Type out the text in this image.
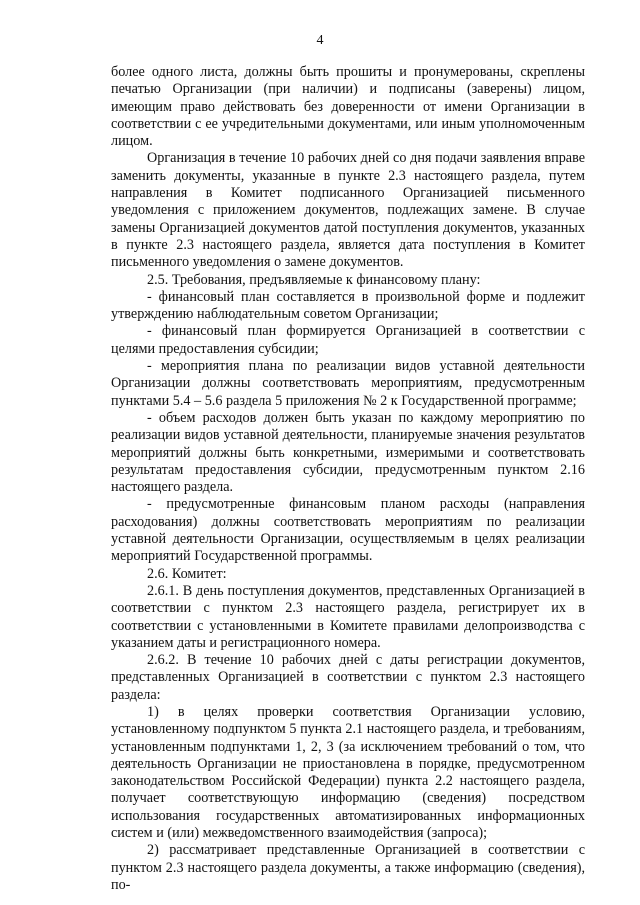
4

более одного листа, должны быть прошиты и пронумерованы, скреплены печатью Организации (при наличии) и подписаны (заверены) лицом, имеющим право действовать без доверенности от имени Организации в соответствии с ее учредительными документами, или иным уполномоченным лицом.

Организация в течение 10 рабочих дней со дня подачи заявления вправе заменить документы, указанные в пункте 2.3 настоящего раздела, путем направления в Комитет подписанного Организацией письменного уведомления с приложением документов, подлежащих замене. В случае замены Организацией документов датой поступления документов, указанных в пункте 2.3 настоящего раздела, является дата поступления в Комитет письменного уведомления о замене документов.

2.5. Требования, предъявляемые к финансовому плану:

- финансовый план составляется в произвольной форме и подлежит утверждению наблюдательным советом Организации;

- финансовый план формируется Организацией в соответствии с целями предоставления субсидии;

- мероприятия плана по реализации видов уставной деятельности Организации должны соответствовать мероприятиям, предусмотренным пунктами 5.4 – 5.6 раздела 5 приложения № 2 к Государственной программе;

- объем расходов должен быть указан по каждому мероприятию по реализации видов уставной деятельности, планируемые значения результатов мероприятий должны быть конкретными, измеримыми и соответствовать результатам предоставления субсидии, предусмотренным пунктом 2.16 настоящего раздела.

- предусмотренные финансовым планом расходы (направления расходования) должны соответствовать мероприятиям по реализации уставной деятельности Организации, осуществляемым в целях реализации мероприятий Государственной программы.

2.6. Комитет:

2.6.1. В день поступления документов, представленных Организацией в соответствии с пунктом 2.3 настоящего раздела, регистрирует их в соответствии с установленными в Комитете правилами делопроизводства с указанием даты и регистрационного номера.

2.6.2. В течение 10 рабочих дней с даты регистрации документов, представленных Организацией в соответствии с пунктом 2.3 настоящего раздела:

1) в целях проверки соответствия Организации условию, установленному подпунктом 5 пункта 2.1 настоящего раздела, и требованиям, установленным подпунктами 1, 2, 3 (за исключением требований о том, что деятельность Организации не приостановлена в порядке, предусмотренном законодательством Российской Федерации) пункта 2.2 настоящего раздела, получает соответствующую информацию (сведения) посредством использования государственных автоматизированных информационных систем и (или) межведомственного взаимодействия (запроса);

2) рассматривает представленные Организацией в соответствии с пунктом 2.3 настоящего раздела документы, а также информацию (сведения), по-
